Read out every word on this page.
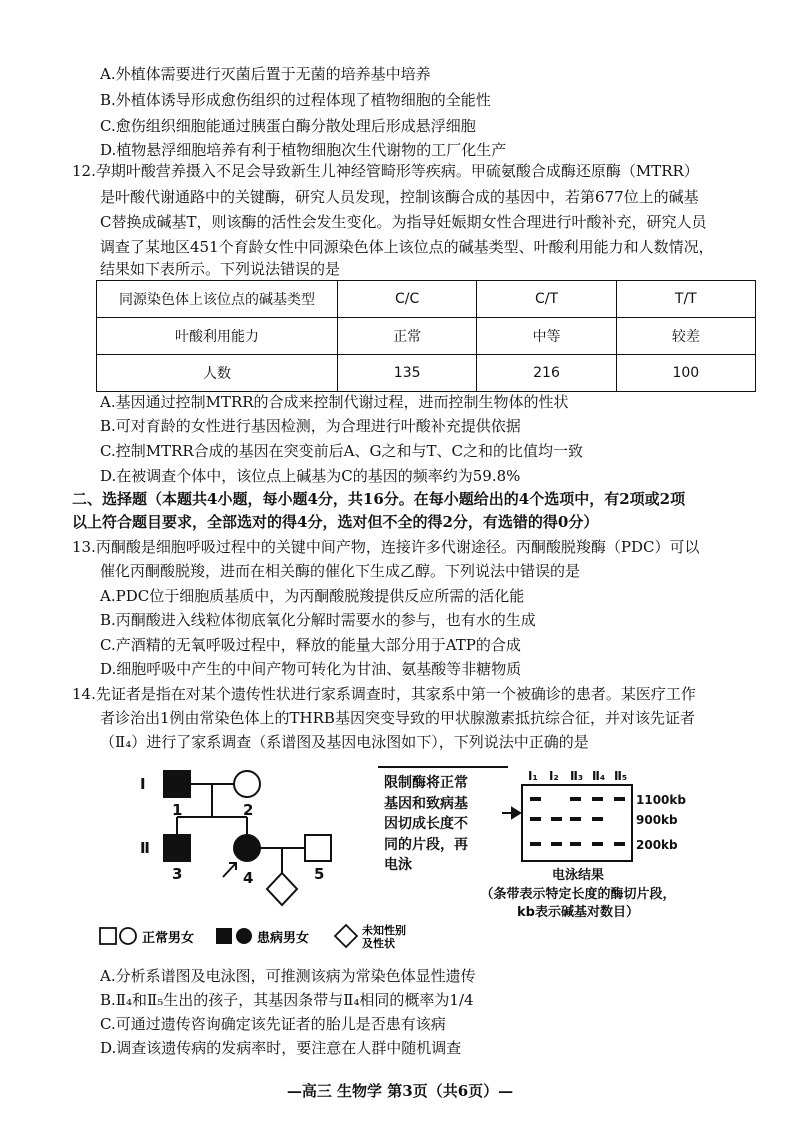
A.外植体需要进行灭菌后置于无菌的培养基中培养
B.外植体诱导形成愈伤组织的过程体现了植物细胞的全能性
C.愈伤组织细胞能通过胰蛋白酶分散处理后形成悬浮细胞
D.植物悬浮细胞培养有利于植物细胞次生代谢物的工厂化生产
12.孕期叶酸营养摄入不足会导致新生儿神经管畸形等疾病。甲硫氨酸合成酶还原酶（MTRR）
是叶酸代谢通路中的关键酶，研究人员发现，控制该酶合成的基因中，若第677位上的碱基
C替换成碱基T，则该酶的活性会发生变化。为指导妊娠期女性合理进行叶酸补充，研究人员
调查了某地区451个育龄女性中同源染色体上该位点的碱基类型、叶酸利用能力和人数情况，
结果如下表所示。下列说法错误的是
同源染色体上该位点的碱基类型	C/C	C/T	T/T
叶酸利用能力	正常	中等	较差
人数	135	216	100
A.基因通过控制MTRR的合成来控制代谢过程，进而控制生物体的性状
B.可对育龄的女性进行基因检测，为合理进行叶酸补充提供依据
C.控制MTRR合成的基因在突变前后A、G之和与T、C之和的比值均一致
D.在被调查个体中，该位点上碱基为C的基因的频率约为59.8%
二、选择题（本题共4小题，每小题4分，共16分。在每小题给出的4个选项中，有2项或2项
以上符合题目要求，全部选对的得4分，选对但不全的得2分，有选错的得0分）
13.丙酮酸是细胞呼吸过程中的关键中间产物，连接许多代谢途径。丙酮酸脱羧酶（PDC）可以
催化丙酮酸脱羧，进而在相关酶的催化下生成乙醇。下列说法中错误的是
A.PDC位于细胞质基质中，为丙酮酸脱羧提供反应所需的活化能
B.丙酮酸进入线粒体彻底氧化分解时需要水的参与，也有水的生成
C.产酒精的无氧呼吸过程中，释放的能量大部分用于ATP的合成
D.细胞呼吸中产生的中间产物可转化为甘油、氨基酸等非糖物质
14.先证者是指在对某个遗传性状进行家系调查时，其家系中第一个被确诊的患者。某医疗工作
者诊治出1例由常染色体上的THRB基因突变导致的甲状腺激素抵抗综合征，并对该先证者
（Ⅱ₄）进行了家系调查（系谱图及基因电泳图如下），下列说法中正确的是
Ⅰ
Ⅱ
1	2
3	4	5
正常男女	患病男女
未知性别
及性状
限制酶将正常
基因和致病基
因切成长度不
同的片段，再
电泳
Ⅰ₁ Ⅰ₂ Ⅱ₃ Ⅱ₄ Ⅱ₅
1100kb
900kb
200kb
电泳结果
（条带表示特定长度的酶切片段，
kb表示碱基对数目）
A.分析系谱图及电泳图，可推测该病为常染色体显性遗传
B.Ⅱ₄和Ⅱ₅生出的孩子，其基因条带与Ⅱ₄相同的概率为1/4
C.可通过遗传咨询确定该先证者的胎儿是否患有该病
D.调查该遗传病的发病率时，要注意在人群中随机调查
—高三 生物学 第3页（共6页）—
